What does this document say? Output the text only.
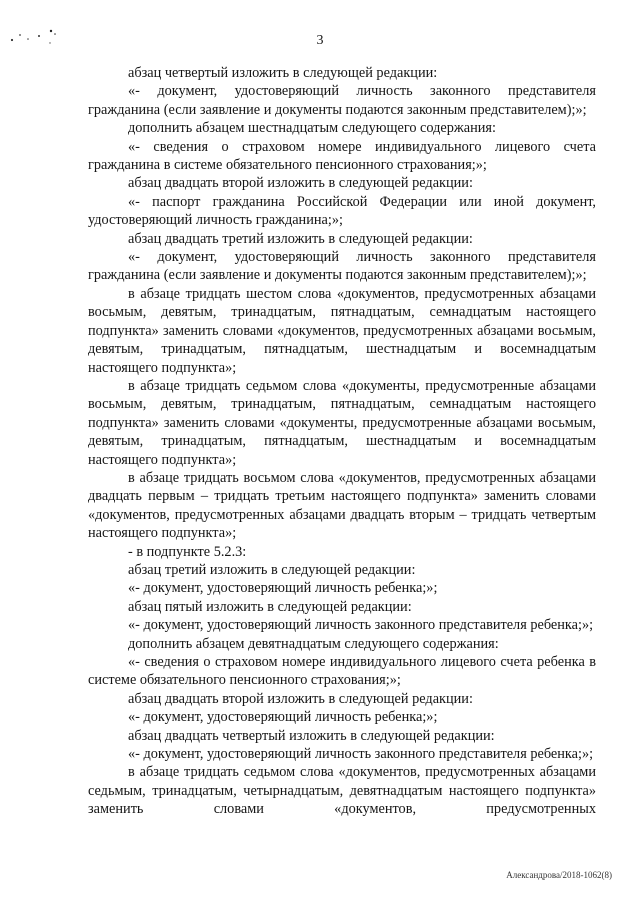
3

абзац четвертый изложить в следующей редакции:

«- документ, удостоверяющий личность законного представителя гражданина (если заявление и документы подаются законным представителем);»;

дополнить абзацем шестнадцатым следующего содержания:

«- сведения о страховом номере индивидуального лицевого счета гражданина в системе обязательного пенсионного страхования;»;

абзац двадцать второй изложить в следующей редакции:

«- паспорт гражданина Российской Федерации или иной документ, удостоверяющий личность гражданина;»;

абзац двадцать третий изложить в следующей редакции:

«- документ, удостоверяющий личность законного представителя гражданина (если заявление и документы подаются законным представителем);»;

в абзаце тридцать шестом слова «документов, предусмотренных абзацами восьмым, девятым, тринадцатым, пятнадцатым, семнадцатым настоящего подпункта» заменить словами «документов, предусмотренных абзацами восьмым, девятым, тринадцатым, пятнадцатым, шестнадцатым и восемнадцатым настоящего подпункта»;

в абзаце тридцать седьмом слова «документы, предусмотренные абзацами восьмым, девятым, тринадцатым, пятнадцатым, семнадцатым настоящего подпункта» заменить словами «документы, предусмотренные абзацами восьмым, девятым, тринадцатым, пятнадцатым, шестнадцатым и восемнадцатым настоящего подпункта»;

в абзаце тридцать восьмом слова «документов, предусмотренных абзацами двадцать первым – тридцать третьим настоящего подпункта» заменить словами «документов, предусмотренных абзацами двадцать вторым – тридцать четвертым настоящего подпункта»;

- в подпункте 5.2.3:

абзац третий изложить в следующей редакции:

«- документ, удостоверяющий личность ребенка;»;

абзац пятый изложить в следующей редакции:

«- документ, удостоверяющий личность законного представителя ребенка;»;

дополнить абзацем девятнадцатым следующего содержания:

«- сведения о страховом номере индивидуального лицевого счета ребенка в системе обязательного пенсионного страхования;»;

абзац двадцать второй изложить в следующей редакции:

«- документ, удостоверяющий личность ребенка;»;

абзац двадцать четвертый изложить в следующей редакции:

«- документ, удостоверяющий личность законного представителя ребенка;»;

в абзаце тридцать седьмом слова «документов, предусмотренных абзацами седьмым, тринадцатым, четырнадцатым, девятнадцатым настоящего подпункта» заменить словами «документов, предусмотренных

Александрова/2018-1062(8)
